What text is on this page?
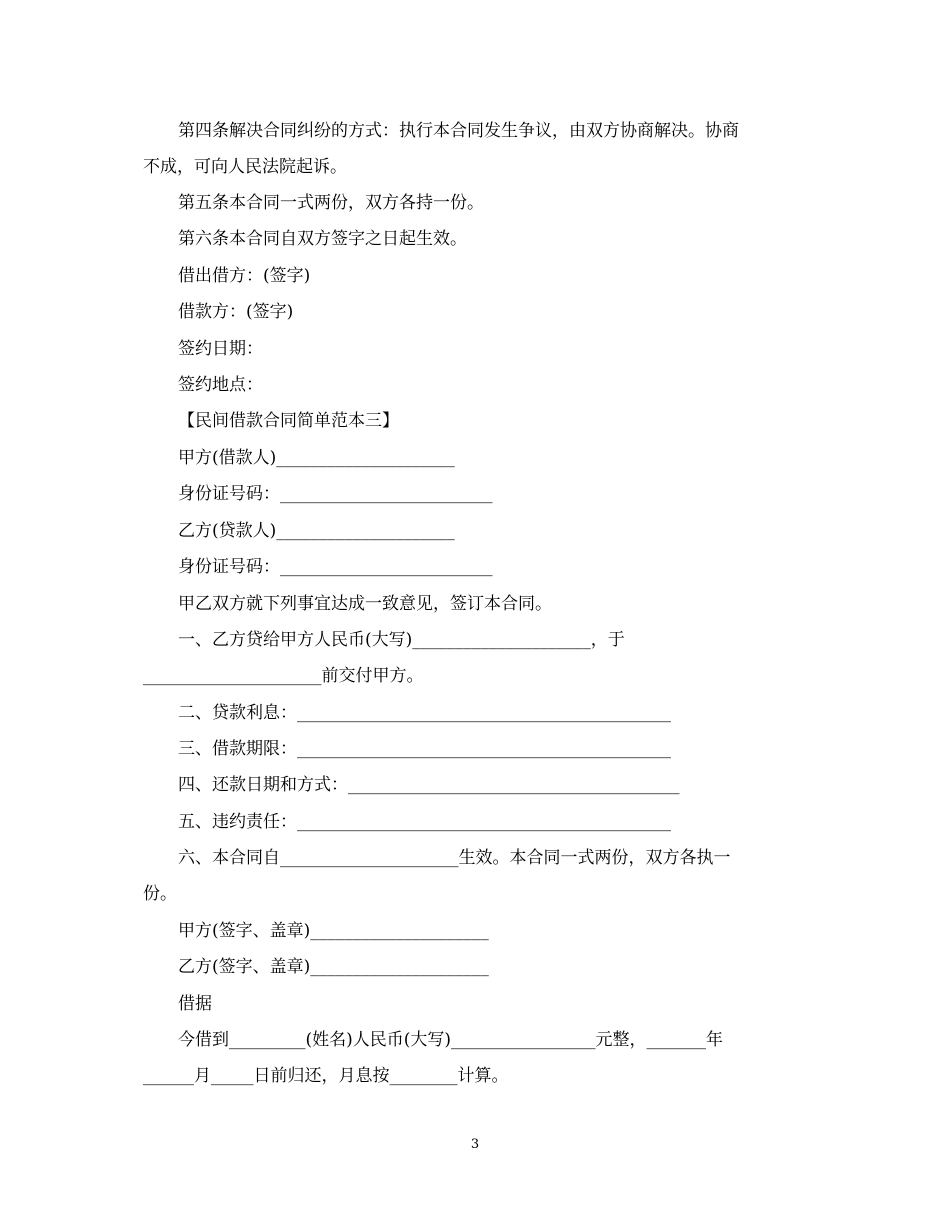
第四条解决合同纠纷的方式：执行本合同发生争议，由双方协商解决。协商
不成，可向人民法院起诉。
第五条本合同一式两份，双方各持一份。
第六条本合同自双方签字之日起生效。
借出借方：(签字)
借款方：(签字)
签约日期：
签约地点：
【民间借款合同简单范本三】
甲方(借款人)_____________________
身份证号码：_________________________
乙方(贷款人)_____________________
身份证号码：_________________________
甲乙双方就下列事宜达成一致意见，签订本合同。
一、乙方贷给甲方人民币(大写)_____________________，于
_____________________前交付甲方。
二、贷款利息：____________________________________________
三、借款期限：____________________________________________
四、还款日期和方式：_______________________________________
五、违约责任：____________________________________________
六、本合同自_____________________生效。本合同一式两份，双方各执一
份。
甲方(签字、盖章)_____________________
乙方(签字、盖章)_____________________
借据
今借到_________(姓名)人民币(大写)_________________元整，_______年
______月_____日前归还，月息按________计算。
3
